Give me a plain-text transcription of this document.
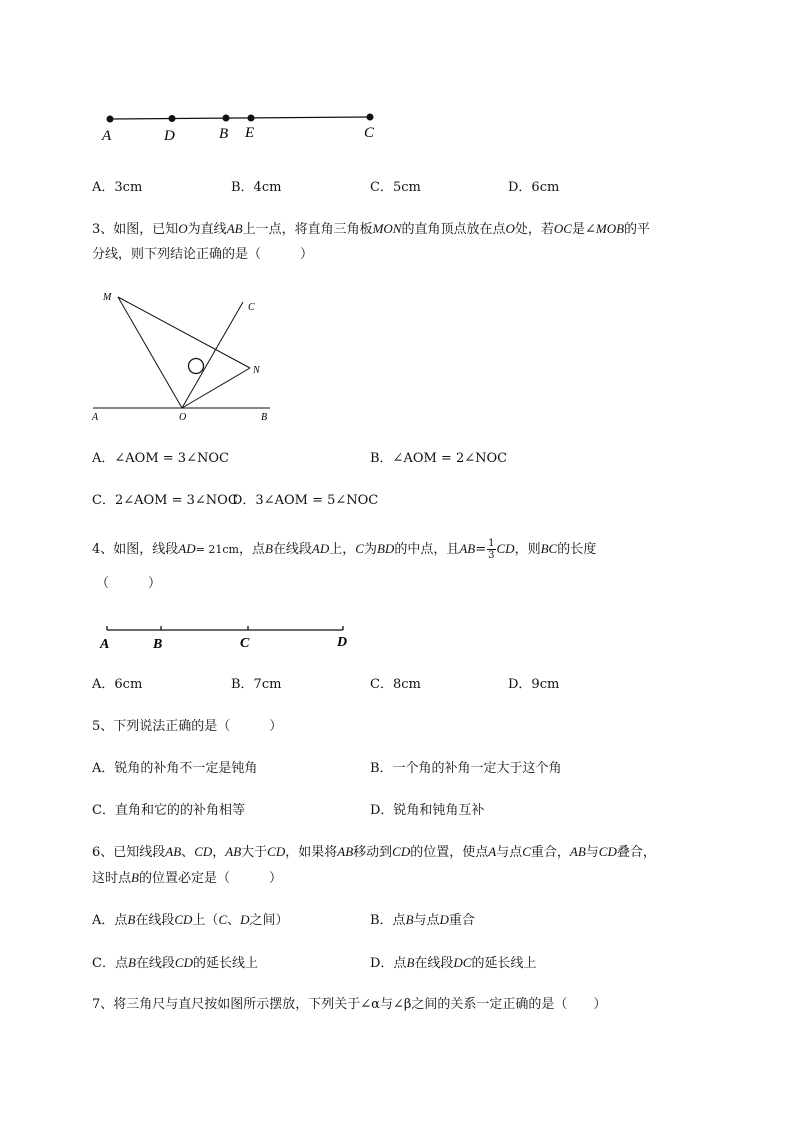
A	D	B E	C
A．3cm	B．4cm	C．5cm	D．6cm
3、如图，已知O为直线AB上一点，将直角三角板MON的直角顶点放在点O处，若OC是∠MOB的平
分线，则下列结论正确的是（　　　）
M
C
N
A	O	B
A．∠AOM = 3∠NOC	B．∠AOM = 2∠NOC
C．2∠AOM = 3∠NOC
D．3∠AOM = 5∠NOC
4、如图，线段AD= 21cm，点B在线段AD上，C为BD的中点，且$AB= \frac{1}{3}$ CD，则BC的长度
（　　　）
A	B	C	D
A．6cm	B．7cm	C．8cm	D．9cm
5、下列说法正确的是（　　　）
A．锐角的补角不一定是钝角	B．一个角的补角一定大于这个角
C．直角和它的的补角相等	D．锐角和钝角互补
6、已知线段AB、CD，AB大于CD，如果将AB移动到CD的位置，使点A与点C重合，AB与CD叠合，
这时点B的位置必定是（　　　）
A．点B在线段CD上（C、D之间）	B．点B与点D重合
C．点B在线段CD的延长线上	D．点B在线段DC的延长线上
7、将三角尺与直尺按如图所示摆放，下列关于∠α与∠β之间的关系一定正确的是（　　）
